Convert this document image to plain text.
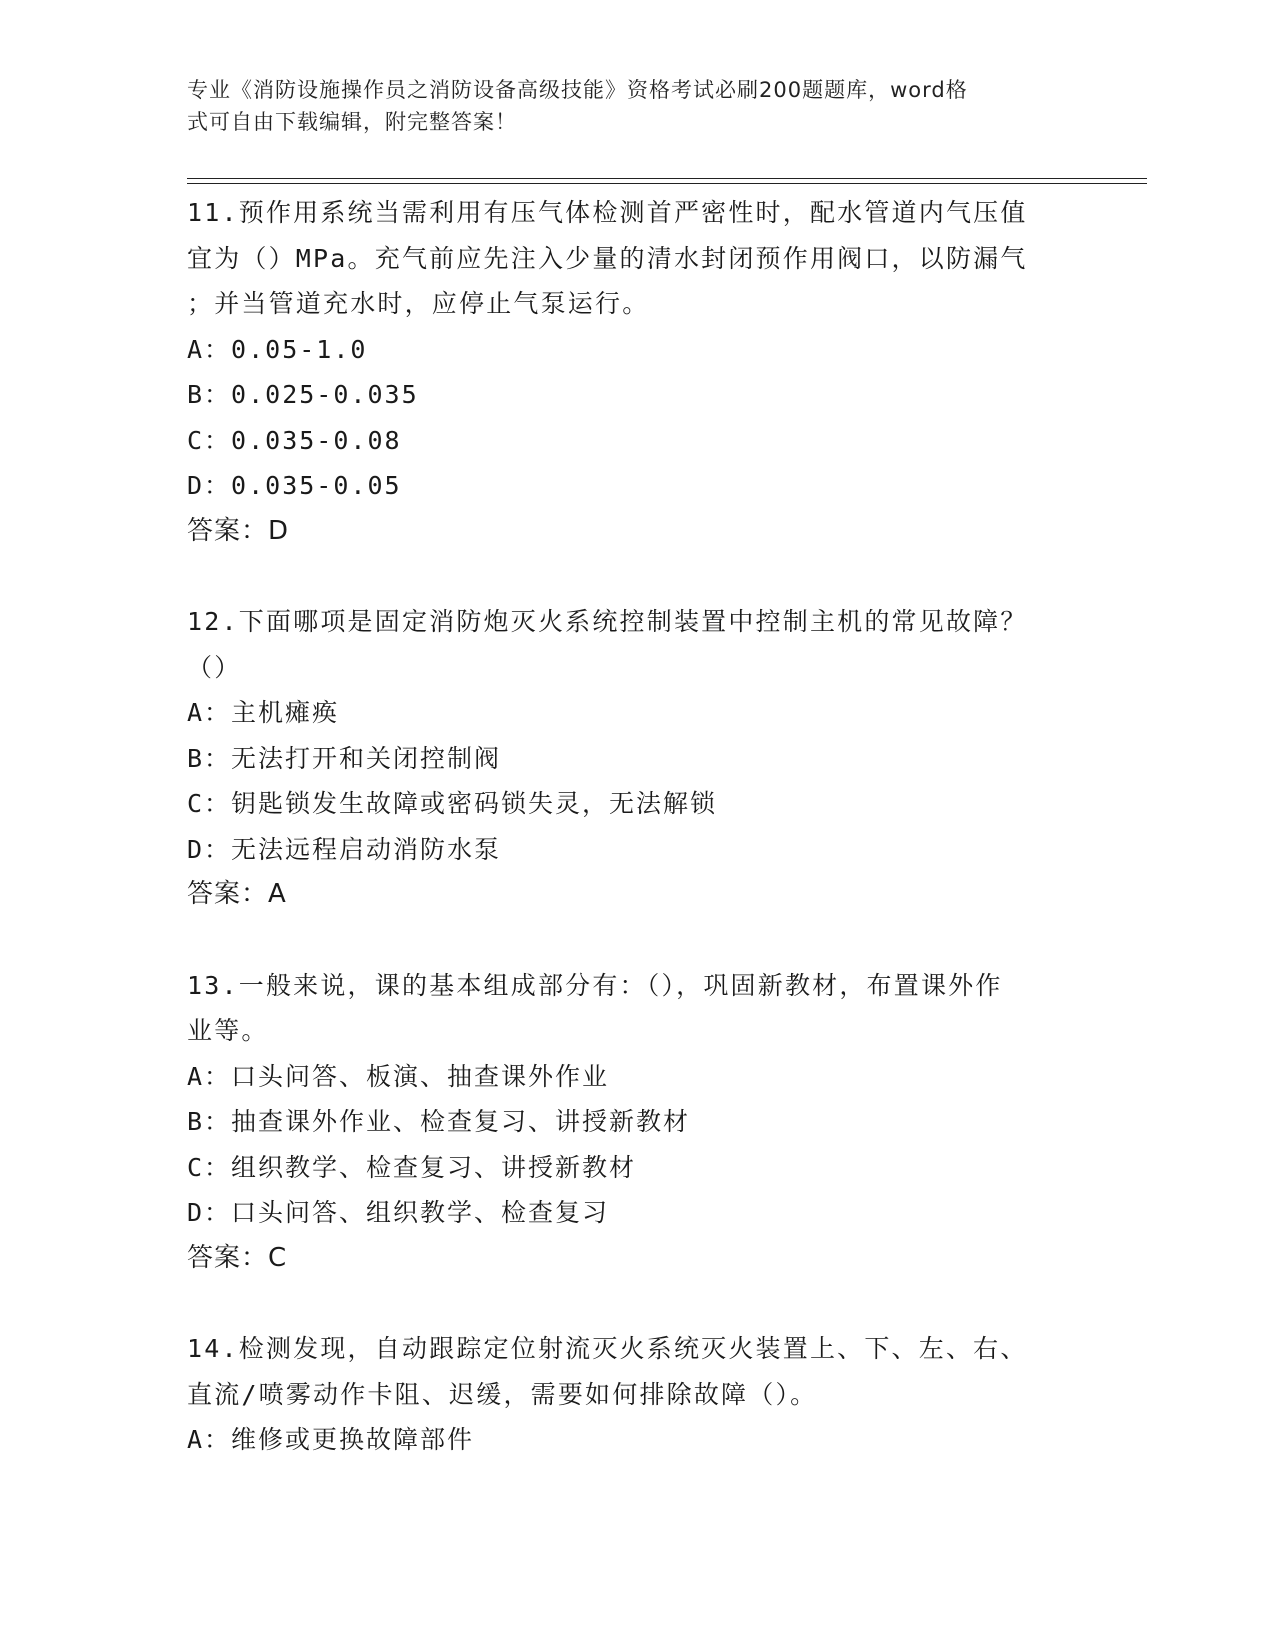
专业《消防设施操作员之消防设备高级技能》资格考试必刷200题题库，word格
式可自由下载编辑，附完整答案！

11.预作用系统当需利用有压气体检测首严密性时，配水管道内气压值

宜为（）MPa。充气前应先注入少量的清水封闭预作用阀口，以防漏气

；并当管道充水时，应停止气泵运行。

A：0.05-1.0

B：0.025-0.035

C：0.035-0.08

D：0.035-0.05

答案：D

12.下面哪项是固定消防炮灭火系统控制装置中控制主机的常见故障？

（）

A：主机瘫痪

B：无法打开和关闭控制阀

C：钥匙锁发生故障或密码锁失灵，无法解锁

D：无法远程启动消防水泵

答案：A

13.一般来说，课的基本组成部分有：（），巩固新教材，布置课外作

业等。

A：口头问答、板演、抽查课外作业

B：抽查课外作业、检查复习、讲授新教材

C：组织教学、检查复习、讲授新教材

D：口头问答、组织教学、检查复习

答案：C

14.检测发现，自动跟踪定位射流灭火系统灭火装置上、下、左、右、

直流/喷雾动作卡阻、迟缓，需要如何排除故障（）。

A：维修或更换故障部件
